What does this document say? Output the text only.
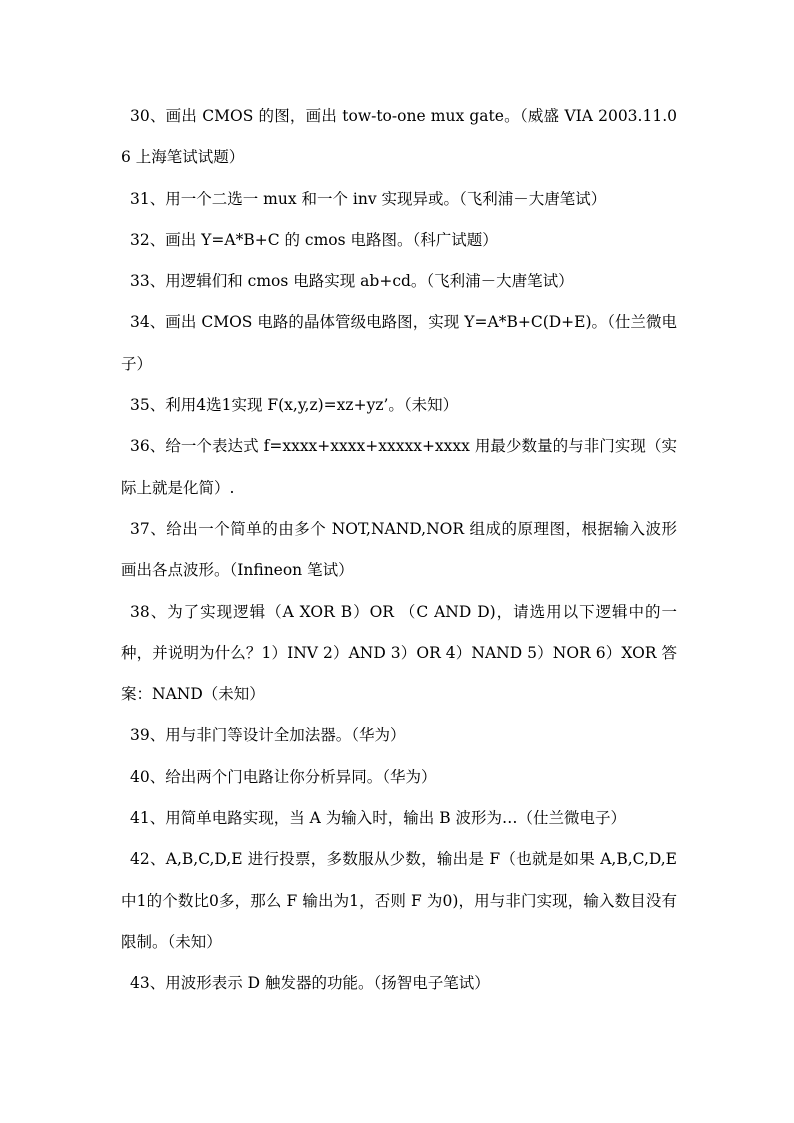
30、画出 CMOS 的图，画出 tow-to-one mux gate。（威盛 VIA 2003.11.06 上海笔试试题）

31、用一个二选一 mux 和一个 inv 实现异或。（飞利浦－大唐笔试）

32、画出 Y=A*B+C 的 cmos 电路图。（科广试题）

33、用逻辑们和 cmos 电路实现 ab+cd。（飞利浦－大唐笔试）

34、画出 CMOS 电路的晶体管级电路图，实现 Y=A*B+C(D+E)。（仕兰微电子）

35、利用4选1实现 F(x,y,z)=xz+yz’。（未知）

36、给一个表达式 f=xxxx+xxxx+xxxxx+xxxx 用最少数量的与非门实现（实际上就是化简）.

37、给出一个简单的由多个 NOT,NAND,NOR 组成的原理图，根据输入波形画出各点波形。（Infineon 笔试）

38、为了实现逻辑（A XOR B）OR （C AND D)，请选用以下逻辑中的一种，并说明为什么？1）INV 2）AND 3）OR 4）NAND 5）NOR 6）XOR 答案：NAND（未知）

39、用与非门等设计全加法器。（华为）

40、给出两个门电路让你分析异同。（华为）

41、用简单电路实现，当 A 为输入时，输出 B 波形为…（仕兰微电子）

42、A,B,C,D,E 进行投票，多数服从少数，输出是 F（也就是如果 A,B,C,D,E 中1的个数比0多，那么 F 输出为1，否则 F 为0)，用与非门实现，输入数目没有限制。（未知）

43、用波形表示 D 触发器的功能。（扬智电子笔试）
